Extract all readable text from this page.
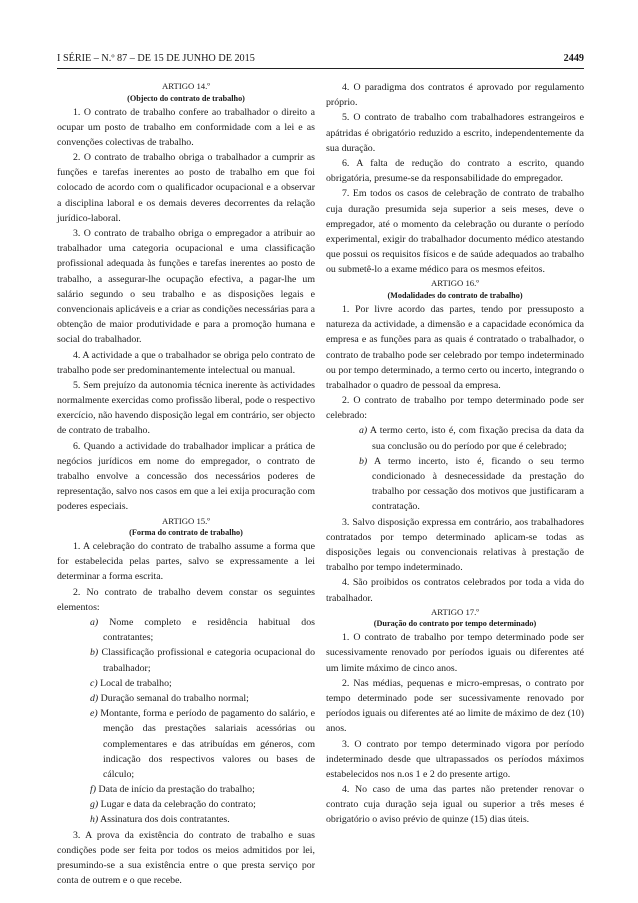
I SÉRIE – N.º 87 – DE 15 DE JUNHO DE 2015	2449

ARTIGO 14.º

(Objecto do contrato de trabalho)

1. O contrato de trabalho confere ao trabalhador o direito a ocupar um posto de trabalho em conformidade com a lei e as convenções colectivas de trabalho.

2. O contrato de trabalho obriga o trabalhador a cumprir as funções e tarefas inerentes ao posto de trabalho em que foi colocado de acordo com o qualificador ocupacional e a observar a disciplina laboral e os demais deveres decorrentes da relação jurídico-laboral.

3. O contrato de trabalho obriga o empregador a atribuir ao trabalhador uma categoria ocupacional e uma classificação profissional adequada às funções e tarefas inerentes ao posto de trabalho, a assegurar-lhe ocupação efectiva, a pagar-lhe um salário segundo o seu trabalho e as disposições legais e convencionais aplicáveis e a criar as condições necessárias para a obtenção de maior produtividade e para a promoção humana e social do trabalhador.

4. A actividade a que o trabalhador se obriga pelo contrato de trabalho pode ser predominantemente intelectual ou manual.

5. Sem prejuízo da autonomia técnica inerente às actividades normalmente exercidas como profissão liberal, pode o respectivo exercício, não havendo disposição legal em contrário, ser objecto de contrato de trabalho.

6. Quando a actividade do trabalhador implicar a prática de negócios jurídicos em nome do empregador, o contrato de trabalho envolve a concessão dos necessários poderes de representação, salvo nos casos em que a lei exija procuração com poderes especiais.

ARTIGO 15.º

(Forma do contrato de trabalho)

1. A celebração do contrato de trabalho assume a forma que for estabelecida pelas partes, salvo se expressamente a lei determinar a forma escrita.

2. No contrato de trabalho devem constar os seguintes elementos:

a) Nome completo e residência habitual dos contratantes;

b) Classificação profissional e categoria ocupacional do trabalhador;

c) Local de trabalho;

d) Duração semanal do trabalho normal;

e) Montante, forma e período de pagamento do salário, e menção das prestações salariais acessórias ou complementares e das atribuídas em géneros, com indicação dos respectivos valores ou bases de cálculo;

f) Data de início da prestação do trabalho;

g) Lugar e data da celebração do contrato;

h) Assinatura dos dois contratantes.

3. A prova da existência do contrato de trabalho e suas condições pode ser feita por todos os meios admitidos por lei, presumindo-se a sua existência entre o que presta serviço por conta de outrem e o que recebe.

4. O paradigma dos contratos é aprovado por regulamento próprio.

5. O contrato de trabalho com trabalhadores estrangeiros e apátridas é obrigatório reduzido a escrito, independentemente da sua duração.

6. A falta de redução do contrato a escrito, quando obrigatória, presume-se da responsabilidade do empregador.

7. Em todos os casos de celebração de contrato de trabalho cuja duração presumida seja superior a seis meses, deve o empregador, até o momento da celebração ou durante o período experimental, exigir do trabalhador documento médico atestando que possui os requisitos físicos e de saúde adequados ao trabalho ou submetê-lo a exame médico para os mesmos efeitos.

ARTIGO 16.º

(Modalidades do contrato de trabalho)

1. Por livre acordo das partes, tendo por pressuposto a natureza da actividade, a dimensão e a capacidade económica da empresa e as funções para as quais é contratado o trabalhador, o contrato de trabalho pode ser celebrado por tempo indeterminado ou por tempo determinado, a termo certo ou incerto, integrando o trabalhador o quadro de pessoal da empresa.

2. O contrato de trabalho por tempo determinado pode ser celebrado:

a) A termo certo, isto é, com fixação precisa da data da sua conclusão ou do período por que é celebrado;

b) A termo incerto, isto é, ficando o seu termo condicionado à desnecessidade da prestação do trabalho por cessação dos motivos que justificaram a contratação.

3. Salvo disposição expressa em contrário, aos trabalhadores contratados por tempo determinado aplicam-se todas as disposições legais ou convencionais relativas à prestação de trabalho por tempo indeterminado.

4. São proibidos os contratos celebrados por toda a vida do trabalhador.

ARTIGO 17.º

(Duração do contrato por tempo determinado)

1. O contrato de trabalho por tempo determinado pode ser sucessivamente renovado por períodos iguais ou diferentes até um limite máximo de cinco anos.

2. Nas médias, pequenas e micro-empresas, o contrato por tempo determinado pode ser sucessivamente renovado por períodos iguais ou diferentes até ao limite de máximo de dez (10) anos.

3. O contrato por tempo determinado vigora por período indeterminado desde que ultrapassados os períodos máximos estabelecidos nos n.os 1 e 2 do presente artigo.

4. No caso de uma das partes não pretender renovar o contrato cuja duração seja igual ou superior a três meses é obrigatório o aviso prévio de quinze (15) dias úteis.
